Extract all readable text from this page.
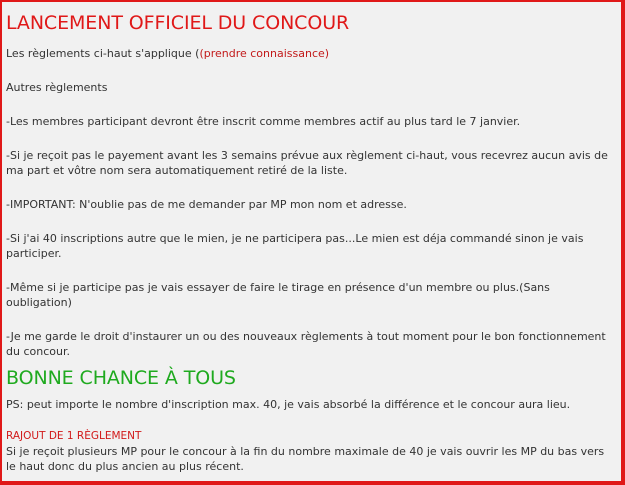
LANCEMENT OFFICIEL DU CONCOUR

Les règlements ci-haut s'applique ((prendre connaissance)

Autres règlements

-Les membres participant devront être inscrit comme membres actif au plus tard le 7 janvier.

-Si je reçoit pas le payement avant les 3 semains prévue aux règlement ci-haut, vous recevrez aucun avis de ma part et vôtre nom sera automatiquement retiré de la liste.

-IMPORTANT: N'oublie pas de me demander par MP mon nom et adresse.

-Si j'ai 40 inscriptions autre que le mien, je ne participera pas...Le mien est déja commandé sinon je vais participer.

-Même si je participe pas je vais essayer de faire le tirage en présence d'un membre ou plus.(Sans oubligation)

-Je me garde le droit d'instaurer un ou des nouveaux règlements à tout moment pour le bon fonctionnement du concour.

BONNE CHANCE À TOUS

PS: peut importe le nombre d'inscription max. 40, je vais absorbé la différence et le concour aura lieu.

RAJOUT DE 1 RÈGLEMENT

Si je reçoit plusieurs MP pour le concour à la fin du nombre maximale de 40 je vais ouvrir les MP du bas vers le haut donc du plus ancien au plus récent.
